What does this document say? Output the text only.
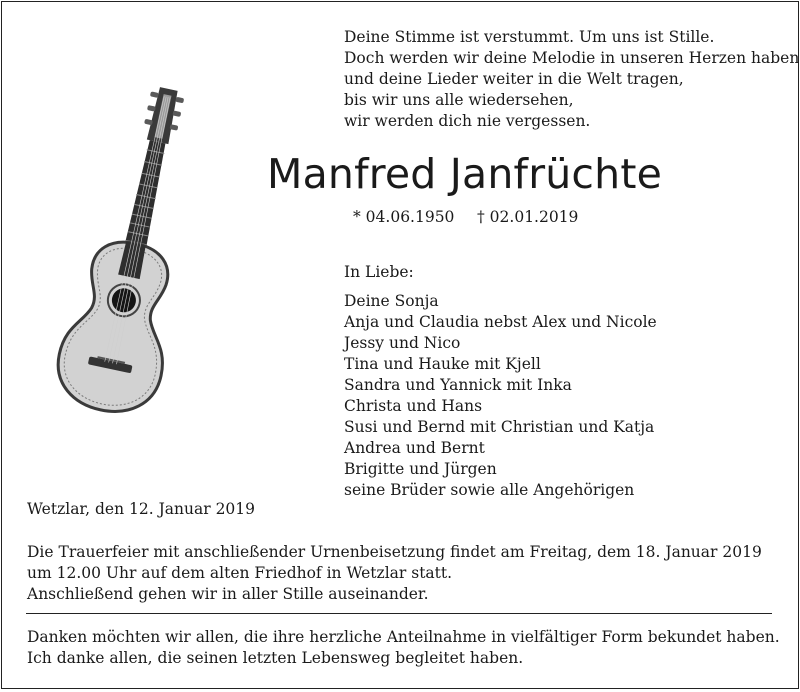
Deine Stimme ist verstummt. Um uns ist Stille.
Doch werden wir deine Melodie in unseren Herzen haben
und deine Lieder weiter in die Welt tragen,
bis wir uns alle wiedersehen,
wir werden dich nie vergessen.
Manfred Janfrüchte
* 04.06.1950 † 02.01.2019
In Liebe:
Deine Sonja
Anja und Claudia nebst Alex und Nicole
Jessy und Nico
Tina und Hauke mit Kjell
Sandra und Yannick mit Inka
Christa und Hans
Susi und Bernd mit Christian und Katja
Andrea und Bernt
Brigitte und Jürgen
seine Brüder sowie alle Angehörigen
Wetzlar, den 12. Januar 2019
Die Trauerfeier mit anschließender Urnenbeisetzung findet am Freitag, dem 18. Januar 2019
um 12.00 Uhr auf dem alten Friedhof in Wetzlar statt.
Anschließend gehen wir in aller Stille auseinander.
Danken möchten wir allen, die ihre herzliche Anteilnahme in vielfältiger Form bekundet haben.
Ich danke allen, die seinen letzten Lebensweg begleitet haben.
